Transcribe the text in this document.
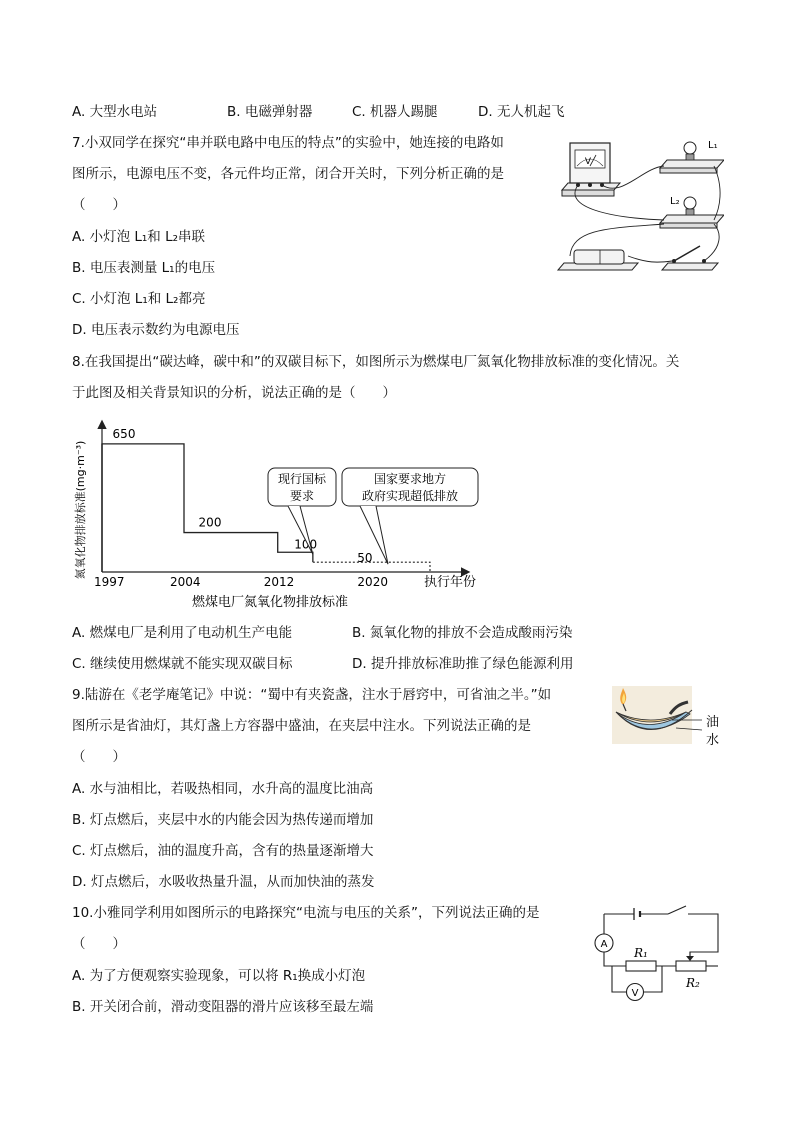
A. 大型水电站	B. 电磁弹射器	C. 机器人踢腿	D. 无人机起飞
7.小双同学在探究“串并联电路中电压的特点”的实验中，她连接的电路如
图所示，电源电压不变，各元件均正常，闭合开关时，下列分析正确的是
（　　）
A. 小灯泡 L₁和 L₂串联
B. 电压表测量 L₁的电压
C. 小灯泡 L₁和 L₂都亮
D. 电压表示数约为电源电压
V
L₁
L₂
8.在我国提出“碳达峰，碳中和”的双碳目标下，如图所示为燃煤电厂氮氧化物排放标准的变化情况。关
于此图及相关背景知识的分析，说法正确的是（　　）
氮氧化物排放标准(mg·m⁻³)
650
200
100
50
1997	2004	2012	2020	执行年份
燃煤电厂氮氧化物排放标准
现行国标
要求
国家要求地方
政府实现超低排放
A. 燃煤电厂是利用了电动机生产电能	B. 氮氧化物的排放不会造成酸雨污染
C. 继续使用燃煤就不能实现双碳目标	D. 提升排放标准助推了绿色能源利用
9.陆游在《老学庵笔记》中说：“蜀中有夹瓷盏，注水于唇窍中，可省油之半。”如
图所示是省油灯，其灯盏上方容器中盛油，在夹层中注水。下列说法正确的是
（　　）
A. 水与油相比，若吸热相同，水升高的温度比油高
B. 灯点燃后，夹层中水的内能会因为热传递而增加
C. 灯点燃后，油的温度升高，含有的热量逐渐增大
D. 灯点燃后，水吸收热量升温，从而加快油的蒸发
油
水
10.小雅同学利用如图所示的电路探究“电流与电压的关系”，下列说法正确的是
（　　）
A. 为了方便观察实验现象，可以将 R₁换成小灯泡
B. 开关闭合前，滑动变阻器的滑片应该移至最左端
A
V
R₁
R₂
